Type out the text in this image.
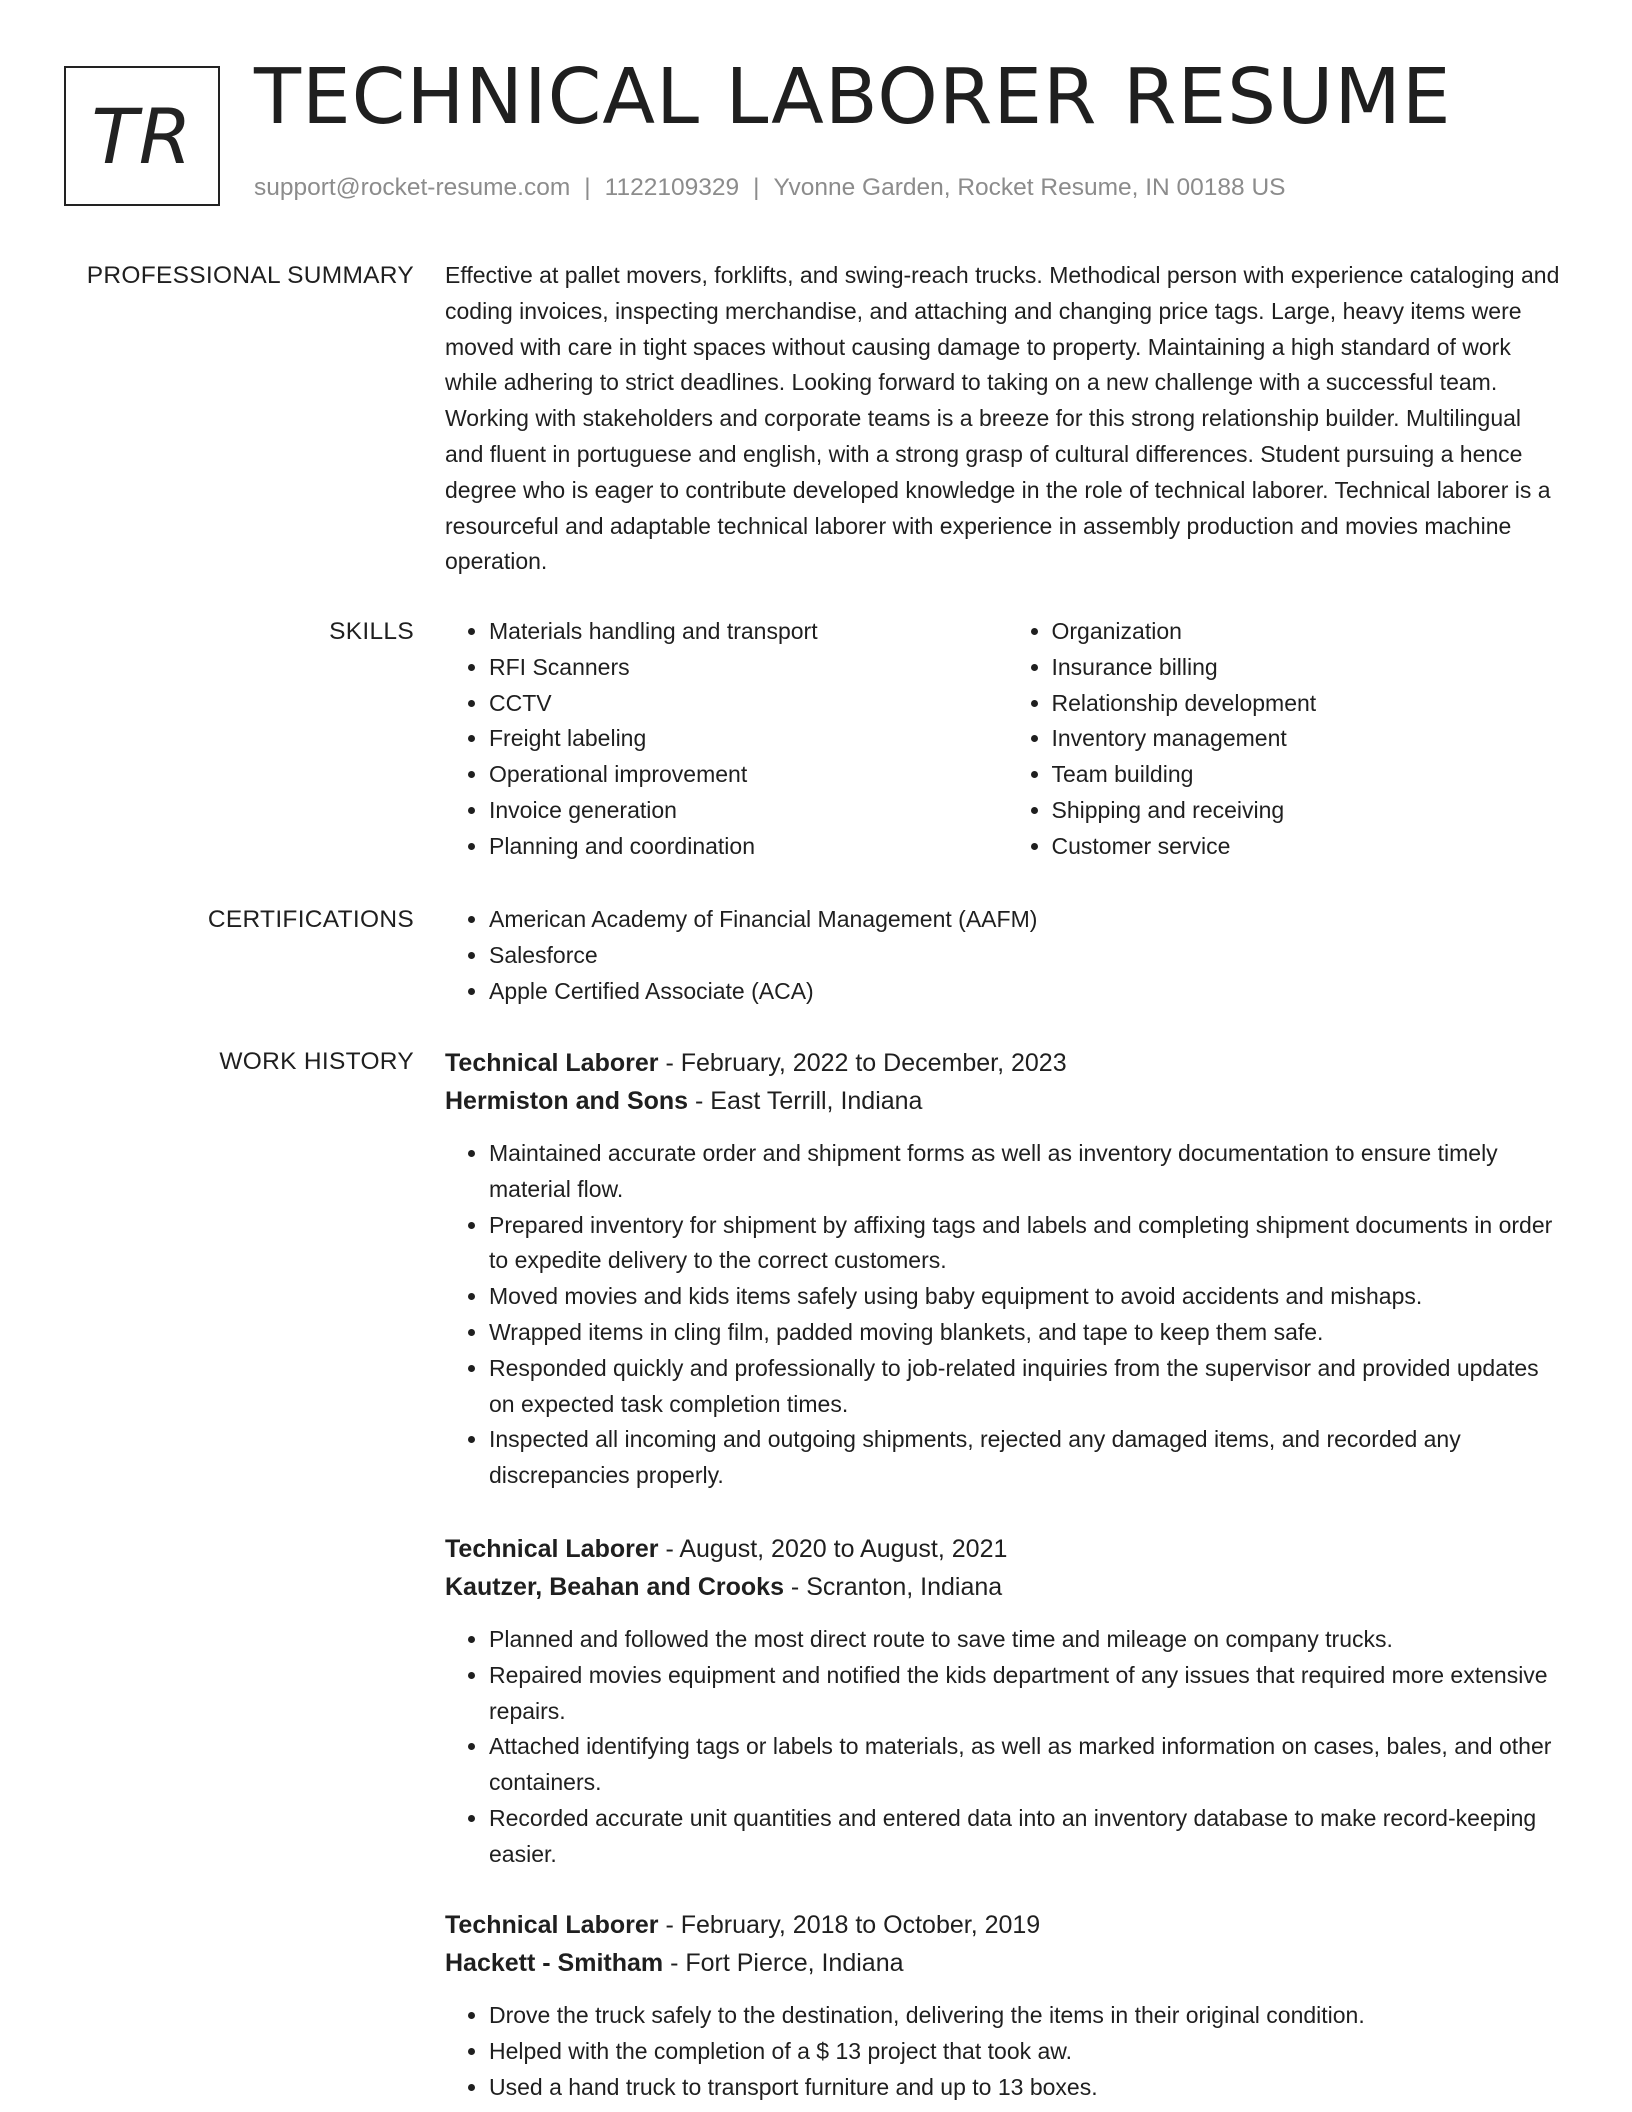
TR TECHNICAL LABORER RESUME
support@rocket-resume.com | 1122109329 | Yvonne Garden, Rocket Resume, IN 00188 US
PROFESSIONAL SUMMARY Effective at pallet movers, forklifts, and swing-reach trucks. Methodical person with experience cataloging and coding invoices, inspecting merchandise, and attaching and changing price tags. Large, heavy items were moved with care in tight spaces without causing damage to property. Maintaining a high standard of work while adhering to strict deadlines. Looking forward to taking on a new challenge with a successful team. Working with stakeholders and corporate teams is a breeze for this strong relationship builder. Multilingual and fluent in portuguese and english, with a strong grasp of cultural differences. Student pursuing a hence degree who is eager to contribute developed knowledge in the role of technical laborer. Technical laborer is a resourceful and adaptable technical laborer with experience in assembly production and movies machine operation.

SKILLS	• Materials handling and transport
• RFI Scanners
• CCTV
• Freight labeling
• Operational improvement
• Invoice generation
• Planning and coordination
• Organization
• Insurance billing
• Relationship development
• Inventory management
• Team building
• Shipping and receiving
• Customer service
CERTIFICATIONS	• American Academy of Financial Management (AAFM)
• Salesforce
• Apple Certified Associate (ACA)
WORK HISTORY Technical Laborer - February, 2022 to December, 2023
Hermiston and Sons - East Terrill, Indiana
• Maintained accurate order and shipment forms as well as inventory documentation to ensure timely material flow.
• Prepared inventory for shipment by affixing tags and labels and completing shipment documents in order to expedite delivery to the correct customers.
• Moved movies and kids items safely using baby equipment to avoid accidents and mishaps.
• Wrapped items in cling film, padded moving blankets, and tape to keep them safe.
• Responded quickly and professionally to job-related inquiries from the supervisor and provided updates on expected task completion times.
• Inspected all incoming and outgoing shipments, rejected any damaged items, and recorded any discrepancies properly.
Technical Laborer - August, 2020 to August, 2021
Kautzer, Beahan and Crooks - Scranton, Indiana
• Planned and followed the most direct route to save time and mileage on company trucks.
• Repaired movies equipment and notified the kids department of any issues that required more extensive repairs.
• Attached identifying tags or labels to materials, as well as marked information on cases, bales, and other containers.
• Recorded accurate unit quantities and entered data into an inventory database to make record-keeping easier.
Technical Laborer - February, 2018 to October, 2019
Hackett - Smitham - Fort Pierce, Indiana
• Drove the truck safely to the destination, delivering the items in their original condition.
• Helped with the completion of a $ 13 project that took aw.
• Used a hand truck to transport furniture and up to 13 boxes.
